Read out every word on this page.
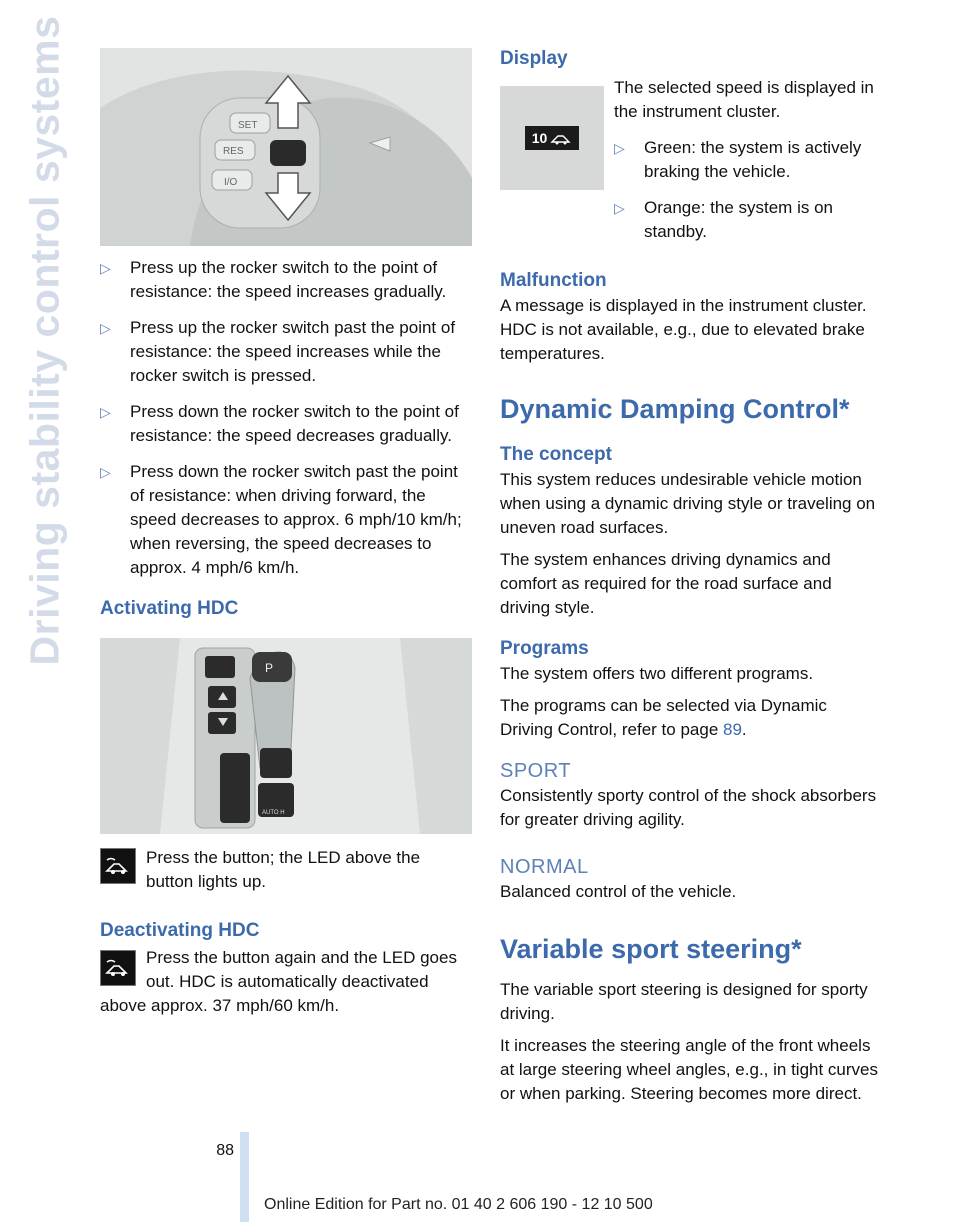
Driving stability control systems	SET
RES
I/O
▷ Press up the rocker switch to the point of resistance: the speed increases gradually.
▷ Press up the rocker switch past the point of resistance: the speed increases while the rocker switch is pressed.
▷ Press down the rocker switch to the point of resistance: the speed decreases gradually.
▷ Press down the rocker switch past the point of resistance: when driving forward, the speed decreases to approx. 6 mph/10 km/h; when reversing, the speed decreases to approx. 4 mph/6 km/h.
Activating HDC
P
AUTO H

Press the button; the LED above the button lights up.

Deactivating HDC

Press the button again and the LED goes out. HDC is automatically deactivated above approx. 37 mph/60 km/h.

Display
10

The selected speed is displayed in the instrument cluster.

▷ Green: the system is actively braking the vehicle.
▷ Orange: the system is on standby.
Malfunction

A message is displayed in the instrument cluster. HDC is not available, e.g., due to elevated brake temperatures.

Dynamic Damping Control*
The concept

This system reduces undesirable vehicle motion when using a dynamic driving style or traveling on uneven road surfaces.

The system enhances driving dynamics and comfort as required for the road surface and driving style.

Programs

The system offers two different programs.

The programs can be selected via Dynamic Driving Control, refer to page 89.

SPORT

Consistently sporty control of the shock absorbers for greater driving agility.

NORMAL

Balanced control of the vehicle.

Variable sport steering*

The variable sport steering is designed for sporty driving.

It increases the steering angle of the front wheels at large steering wheel angles, e.g., in tight curves or when parking. Steering becomes more direct.

88
Online Edition for Part no. 01 40 2 606 190 - 12 10 500
